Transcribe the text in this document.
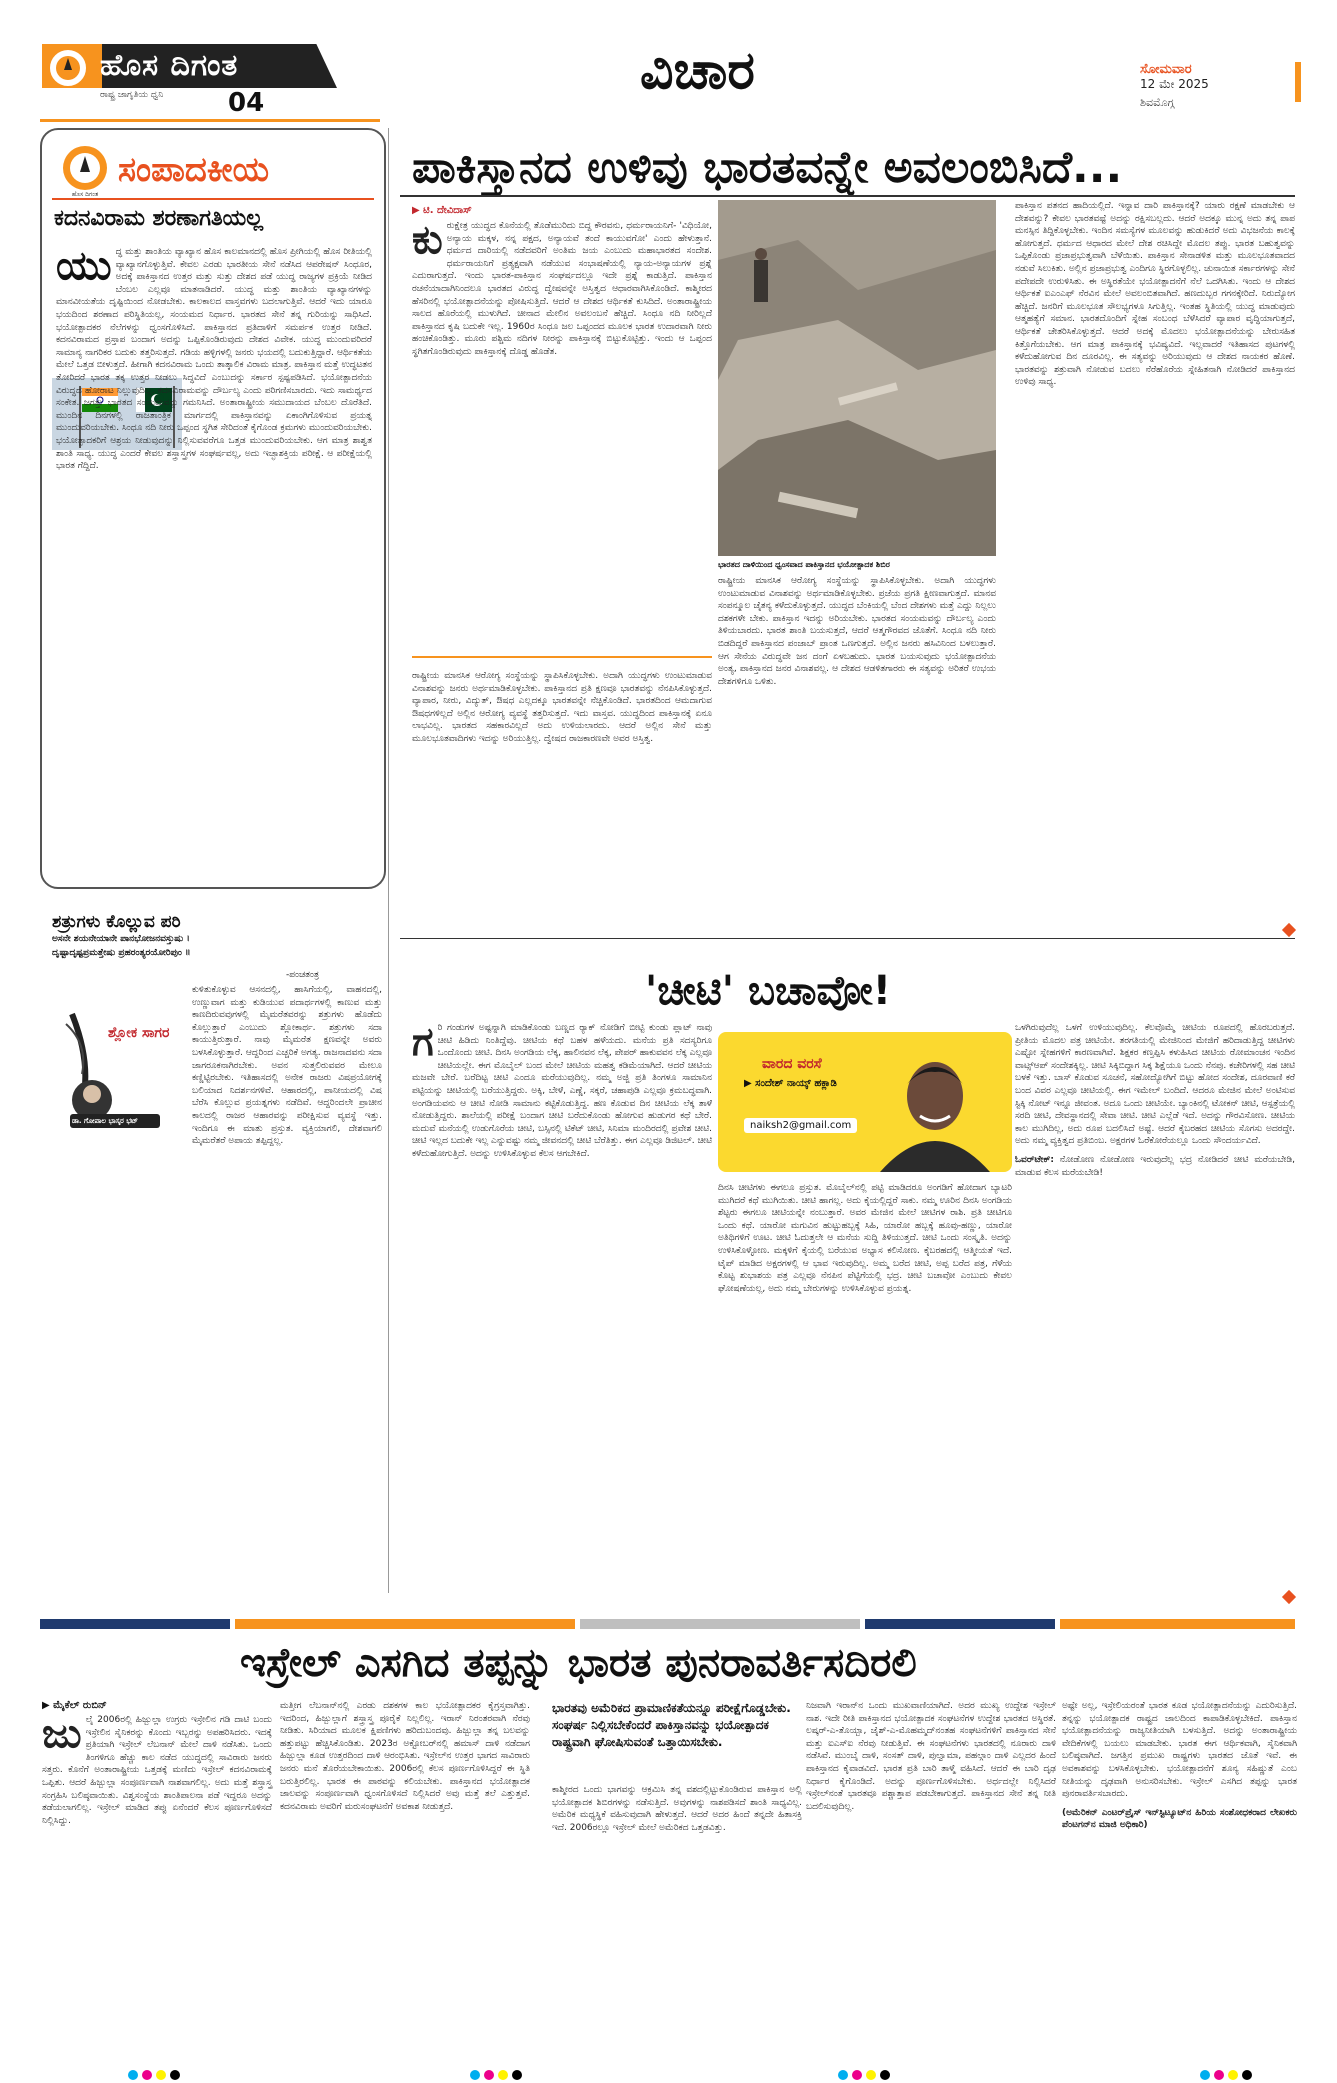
ಹೊಸ ದಿಗಂತ
ರಾಷ್ಟ್ರ ಜಾಗೃತಿಯ ಧ್ವನಿ 04
ವಿಚಾರ	ಸೋಮವಾರ
12 ಮೇ 2025
ಶಿವಮೊಗ್ಗ
ಹೊಸ ದಿಗಂತ
ಸಂಪಾದಕೀಯ
ಕದನವಿರಾಮ ಶರಣಾಗತಿಯಲ್ಲ
ಯು ದ್ಧ ಮತ್ತು ಶಾಂತಿಯ ವ್ಯಾಖ್ಯಾನ ಹೊಸ ಕಾಲಮಾನದಲ್ಲಿ ಹೊಸ ಪ್ರೀಗಿಯಲ್ಲಿ ಹೊಸ ರೀತಿಯಲ್ಲಿ ವ್ಯಾಖ್ಯಾನಗೊಳ್ಳುತ್ತಿವೆ. ಕೇವಲ ಎರಡು ಭಾರತೀಯ ಸೇನೆ ನಡೆಸಿದ ಆಪರೇಷನ್ ಸಿಂಧೂರ, ಅದಕ್ಕೆ ಪಾಕಿಸ್ತಾನದ ಉತ್ತರ ಮತ್ತು ಸುತ್ತು ದೇಶದ ಪಡೆ ಯುದ್ಧ ರಾಜ್ಯಗಳ ಪ್ರಕ್ರಿಯೆ ನೀಡಿದ ಬೆಂಬಲ ಎಲ್ಲವೂ ಮಾತನಾಡಿದರೆ. ಯುದ್ಧ ಮತ್ತು ಶಾಂತಿಯ ವ್ಯಾಖ್ಯಾನಗಳನ್ನು ಮಾನವೀಯತೆಯ ದೃಷ್ಟಿಯಿಂದ ನೋಡಬೇಕು. ಕಾಲಕಾಲದ ವಾಸ್ತವಗಳು ಬದಲಾಗುತ್ತಿವೆ. ಆದರೆ ಇದು ಯಾರೂ ಭಯದಿಂದ ಶರಣಾದ ಪರಿಸ್ಥಿತಿಯಲ್ಲ, ಸಂಯಮದ ನಿರ್ಧಾರ. ಭಾರತದ ಸೇನೆ ತನ್ನ ಗುರಿಯನ್ನು ಸಾಧಿಸಿದೆ. ಭಯೋತ್ಪಾದಕರ ನೆಲೆಗಳನ್ನು ಧ್ವಂಸಗೊಳಿಸಿದೆ. ಪಾಕಿಸ್ತಾನದ ಪ್ರತಿದಾಳಿಗೆ ಸಮರ್ಪಕ ಉತ್ತರ ನೀಡಿದೆ. ಕದನವಿರಾಮದ ಪ್ರಸ್ತಾಪ ಬಂದಾಗ ಅದನ್ನು ಒಪ್ಪಿಕೊಂಡಿರುವುದು ದೇಶದ ವಿವೇಕ. ಯುದ್ಧ ಮುಂದುವರಿದರೆ ಸಾಮಾನ್ಯ ನಾಗರಿಕರ ಬದುಕು ತತ್ತರಿಸುತ್ತದೆ. ಗಡಿಯ ಹಳ್ಳಿಗಳಲ್ಲಿ ಜನರು ಭಯದಲ್ಲಿ ಬದುಕುತ್ತಿದ್ದಾರೆ. ಆರ್ಥಿಕತೆಯ ಮೇಲೆ ಒತ್ತಡ ಬೀಳುತ್ತದೆ. ಹೀಗಾಗಿ ಕದನವಿರಾಮ ಒಂದು ತಾತ್ಕಾಲಿಕ ವಿರಾಮ ಮಾತ್ರ. ಪಾಕಿಸ್ತಾನ ಮತ್ತೆ ಉದ್ಧಟತನ ತೋರಿದರೆ ಭಾರತ ತಕ್ಕ ಉತ್ತರ ನೀಡಲು ಸಿದ್ಧವಿದೆ ಎಂಬುದನ್ನು ಸರ್ಕಾರ ಸ್ಪಷ್ಟಪಡಿಸಿದೆ. ಭಯೋತ್ಪಾದನೆಯ ವಿರುದ್ಧದ ಹೋರಾಟ ನಿಲ್ಲುವುದಿಲ್ಲ. ಕದನವಿರಾಮವನ್ನು ದೌರ್ಬಲ್ಯ ಎಂದು ಪರಿಗಣಿಸಬಾರದು. ಇದು ಸಾಮರ್ಥ್ಯದ ಸಂಕೇತ. ಜಗತ್ತು ಭಾರತದ ಸಂಯಮವನ್ನು ಗಮನಿಸಿದೆ. ಅಂತಾರಾಷ್ಟ್ರೀಯ ಸಮುದಾಯದ ಬೆಂಬಲ ದೊರೆತಿದೆ. ಮುಂದಿನ ದಿನಗಳಲ್ಲಿ ರಾಜತಾಂತ್ರಿಕ ಮಾರ್ಗದಲ್ಲಿ ಪಾಕಿಸ್ತಾನವನ್ನು ಏಕಾಂಗಿಗೊಳಿಸುವ ಪ್ರಯತ್ನ ಮುಂದುವರಿಯಬೇಕು. ಸಿಂಧೂ ನದಿ ನೀರು ಒಪ್ಪಂದ ಸ್ಥಗಿತ ಸೇರಿದಂತೆ ಕೈಗೊಂಡ ಕ್ರಮಗಳು ಮುಂದುವರಿಯಬೇಕು. ಭಯೋತ್ಪಾದಕರಿಗೆ ಆಶ್ರಯ ನೀಡುವುದನ್ನು ನಿಲ್ಲಿಸುವವರೆಗೂ ಒತ್ತಡ ಮುಂದುವರಿಯಬೇಕು. ಆಗ ಮಾತ್ರ ಶಾಶ್ವತ ಶಾಂತಿ ಸಾಧ್ಯ. ಯುದ್ಧ ಎಂದರೆ ಕೇವಲ ಶಸ್ತ್ರಾಸ್ತ್ರಗಳ ಸಂಘರ್ಷವಲ್ಲ, ಅದು ಇಚ್ಛಾಶಕ್ತಿಯ ಪರೀಕ್ಷೆ. ಆ ಪರೀಕ್ಷೆಯಲ್ಲಿ ಭಾರತ ಗೆದ್ದಿದೆ.
ಶತ್ರುಗಳು ಕೊಲ್ಲುವ ಪರಿ
ಅಸನೇ ಶಯನೇಯಾನೇ ಪಾನಭೋಜನವಸ್ತುಷು ।
ದೃಷ್ಟಾದೃಷ್ಟಪ್ರಮತ್ತೇಷು ಪ್ರಹರಂತ್ಯರಯೋರಿಪುಂ ॥
-ಪಂಚತಂತ್ರ
ಶ್ಲೋಕ ಸಾಗರ
ಡಾ. ಗೋಪಾಲ ಭಾಸ್ಕರ ಭಟ್
ಕುಳಿತುಕೊಳ್ಳುವ ಆಸನದಲ್ಲಿ, ಹಾಸಿಗೆಯಲ್ಲಿ, ವಾಹನದಲ್ಲಿ, ಉಣ್ಣುವಾಗ ಮತ್ತು ಕುಡಿಯುವ ಪದಾರ್ಥಗಳಲ್ಲಿ ಕಾಣುವ ಮತ್ತು ಕಾಣದಿರುವವುಗಳಲ್ಲಿ ಮೈಮರೆತವರನ್ನು ಶತ್ರುಗಳು ಹೊಡೆದು ಕೊಲ್ಲುತ್ತಾರೆ ಎಂಬುದು ಶ್ಲೋಕಾರ್ಥ. ಶತ್ರುಗಳು ಸದಾ ಕಾಯುತ್ತಿರುತ್ತಾರೆ. ನಾವು ಮೈಮರೆತ ಕ್ಷಣವನ್ನೇ ಅವರು ಬಳಸಿಕೊಳ್ಳುತ್ತಾರೆ. ಆದ್ದರಿಂದ ಎಚ್ಚರಿಕೆ ಅಗತ್ಯ. ರಾಜನಾದವನು ಸದಾ ಜಾಗರೂಕನಾಗಿರಬೇಕು. ಅವನ ಸುತ್ತಲಿರುವವರ ಮೇಲೂ ಕಣ್ಣಿಟ್ಟಿರಬೇಕು. ಇತಿಹಾಸದಲ್ಲಿ ಅನೇಕ ರಾಜರು ವಿಷಪ್ರಯೋಗಕ್ಕೆ ಬಲಿಯಾದ ನಿದರ್ಶನಗಳಿವೆ. ಆಹಾರದಲ್ಲಿ, ಪಾನೀಯದಲ್ಲಿ ವಿಷ ಬೆರೆಸಿ ಕೊಲ್ಲುವ ಪ್ರಯತ್ನಗಳು ನಡೆದಿವೆ. ಆದ್ದರಿಂದಲೇ ಪ್ರಾಚೀನ ಕಾಲದಲ್ಲಿ ರಾಜರ ಆಹಾರವನ್ನು ಪರೀಕ್ಷಿಸುವ ವ್ಯವಸ್ಥೆ ಇತ್ತು. ಇಂದಿಗೂ ಈ ಮಾತು ಪ್ರಸ್ತುತ. ವ್ಯಕ್ತಿಯಾಗಲಿ, ದೇಶವಾಗಲಿ ಮೈಮರೆತರೆ ಅಪಾಯ ತಪ್ಪಿದ್ದಲ್ಲ.
ಪಾಕಿಸ್ತಾನದ ಉಳಿವು ಭಾರತವನ್ನೇ ಅವಲಂಬಿಸಿದೆ...
▶ ಟಿ. ದೇವಿದಾಸ್
ಕು ರುಕ್ಷೇತ್ರ ಯುದ್ಧದ ಕೊನೆಯಲ್ಲಿ ತೊಡೆಮುರಿದು ಬಿದ್ದ ಕೌರವನು, ಧರ್ಮರಾಯನಿಗೆ- 'ವಿಧಿಯೋ, ಅನ್ಯಾಯ ಮಕ್ಕಳ, ನನ್ನ ಪಕ್ಷದ, ಅನ್ಯಾಯವೆ ತಂದೆ ಕಾಯುವಗೋ' ಎಂದು ಹೇಳುತ್ತಾನೆ. ಧರ್ಮದ ದಾರಿಯಲ್ಲಿ ನಡೆದವರಿಗೆ ಅಂತಿಮ ಜಯ ಎಂಬುದು ಮಹಾಭಾರತದ ಸಂದೇಶ. ಧರ್ಮರಾಯನಿಗೆ ಪ್ರತ್ಯಕ್ಷವಾಗಿ ನಡೆಯುವ ಸಂಭಾಷಣೆಯಲ್ಲಿ ನ್ಯಾಯ-ಅನ್ಯಾಯಗಳ ಪ್ರಶ್ನೆ ಎದುರಾಗುತ್ತದೆ. ಇಂದು ಭಾರತ-ಪಾಕಿಸ್ತಾನ ಸಂಘರ್ಷದಲ್ಲೂ ಇದೇ ಪ್ರಶ್ನೆ ಕಾಡುತ್ತಿದೆ. ಪಾಕಿಸ್ತಾನ ರಚನೆಯಾದಾಗಿನಿಂದಲೂ ಭಾರತದ ವಿರುದ್ಧ ದ್ವೇಷವನ್ನೇ ಅಸ್ತಿತ್ವದ ಆಧಾರವಾಗಿಸಿಕೊಂಡಿದೆ. ಕಾಶ್ಮೀರದ ಹೆಸರಿನಲ್ಲಿ ಭಯೋತ್ಪಾದನೆಯನ್ನು ಪೋಷಿಸುತ್ತಿದೆ. ಆದರೆ ಆ ದೇಶದ ಆರ್ಥಿಕತೆ ಕುಸಿದಿದೆ. ಅಂತಾರಾಷ್ಟ್ರೀಯ ಸಾಲದ ಹೊರೆಯಲ್ಲಿ ಮುಳುಗಿದೆ. ಚೀನಾದ ಮೇಲಿನ ಅವಲಂಬನೆ ಹೆಚ್ಚಿದೆ. ಸಿಂಧೂ ನದಿ ನೀರಿಲ್ಲದೆ ಪಾಕಿಸ್ತಾನದ ಕೃಷಿ ಬದುಕೇ ಇಲ್ಲ. 1960ರ ಸಿಂಧೂ ಜಲ ಒಪ್ಪಂದದ ಮೂಲಕ ಭಾರತ ಉದಾರವಾಗಿ ನೀರು ಹಂಚಿಕೊಂಡಿತ್ತು. ಮೂರು ಪಶ್ಚಿಮ ನದಿಗಳ ನೀರನ್ನು ಪಾಕಿಸ್ತಾನಕ್ಕೆ ಬಿಟ್ಟುಕೊಟ್ಟಿತ್ತು. ಇಂದು ಆ ಒಪ್ಪಂದ ಸ್ಥಗಿತಗೊಂಡಿರುವುದು ಪಾಕಿಸ್ತಾನಕ್ಕೆ ದೊಡ್ಡ ಹೊಡೆತ.
ರಾಷ್ಟ್ರೀಯ ಮಾನಸಿಕ ಆರೋಗ್ಯ ಸಂಸ್ಥೆಯನ್ನು ಸ್ಥಾಪಿಸಿಕೊಳ್ಳಬೇಕು. ಅದಾಗಿ ಯುದ್ಧಗಳು ಉಂಟುಮಾಡುವ ವಿನಾಶವನ್ನು ಜನರು ಅರ್ಥಮಾಡಿಕೊಳ್ಳಬೇಕು. ಪಾಕಿಸ್ತಾನದ ಪ್ರತಿ ಕ್ಷಣವೂ ಭಾರತವನ್ನು ನೆನಪಿಸಿಕೊಳ್ಳುತ್ತದೆ. ವ್ಯಾಪಾರ, ನೀರು, ವಿದ್ಯುತ್, ಔಷಧ ಎಲ್ಲದಕ್ಕೂ ಭಾರತವನ್ನೇ ನೆಚ್ಚಿಕೊಂಡಿದೆ. ಭಾರತದಿಂದ ಆಮದಾಗುವ ಔಷಧಗಳಿಲ್ಲದೆ ಅಲ್ಲಿನ ಆರೋಗ್ಯ ವ್ಯವಸ್ಥೆ ತತ್ತರಿಸುತ್ತದೆ. ಇದು ವಾಸ್ತವ. ಯುದ್ಧದಿಂದ ಪಾಕಿಸ್ತಾನಕ್ಕೆ ಏನೂ ಲಾಭವಿಲ್ಲ. ಭಾರತದ ಸಹಕಾರವಿಲ್ಲದೆ ಅದು ಉಳಿಯಲಾರದು. ಆದರೆ ಅಲ್ಲಿನ ಸೇನೆ ಮತ್ತು ಮೂಲಭೂತವಾದಿಗಳು ಇದನ್ನು ಅರಿಯುತ್ತಿಲ್ಲ. ದ್ವೇಷದ ರಾಜಕಾರಣವೇ ಅವರ ಅಸ್ತಿತ್ವ.
ಭಾರತದ ದಾಳಿಯಿಂದ ಧ್ವಂಸವಾದ ಪಾಕಿಸ್ತಾನದ ಭಯೋತ್ಪಾದಕ ಶಿಬಿರ
ರಾಷ್ಟ್ರೀಯ ಮಾನಸಿಕ ಆರೋಗ್ಯ ಸಂಸ್ಥೆಯನ್ನು ಸ್ಥಾಪಿಸಿಕೊಳ್ಳಬೇಕು. ಅದಾಗಿ ಯುದ್ಧಗಳು ಉಂಟುಮಾಡುವ ವಿನಾಶವನ್ನು ಅರ್ಥಮಾಡಿಕೊಳ್ಳಬೇಕು. ಪ್ರಜೆಯ ಪ್ರಗತಿ ಕ್ಷೀಣವಾಗುತ್ತದೆ. ಮಾನವ ಸಂಪನ್ಮೂಲ ಚೈತನ್ಯ ಕಳೆದುಕೊಳ್ಳುತ್ತದೆ. ಯುದ್ಧದ ಬೆಂಕಿಯಲ್ಲಿ ಬೆಂದ ದೇಶಗಳು ಮತ್ತೆ ಎದ್ದು ನಿಲ್ಲಲು ದಶಕಗಳೇ ಬೇಕು. ಪಾಕಿಸ್ತಾನ ಇದನ್ನು ಅರಿಯಬೇಕು. ಭಾರತದ ಸಂಯಮವನ್ನು ದೌರ್ಬಲ್ಯ ಎಂದು ತಿಳಿಯಬಾರದು. ಭಾರತ ಶಾಂತಿ ಬಯಸುತ್ತದೆ, ಆದರೆ ಆತ್ಮಗೌರವದ ಜೊತೆಗೆ. ಸಿಂಧೂ ನದಿ ನೀರು ಬಿಡದಿದ್ದರೆ ಪಾಕಿಸ್ತಾನದ ಪಂಜಾಬ್ ಪ್ರಾಂತ ಒಣಗುತ್ತದೆ. ಅಲ್ಲಿನ ಜನರು ಹಸಿವಿನಿಂದ ಬಳಲುತ್ತಾರೆ. ಆಗ ಸೇನೆಯ ವಿರುದ್ಧವೇ ಜನ ದಂಗೆ ಏಳಬಹುದು. ಭಾರತ ಬಯಸುವುದು ಭಯೋತ್ಪಾದನೆಯ ಅಂತ್ಯ, ಪಾಕಿಸ್ತಾನದ ಜನರ ವಿನಾಶವಲ್ಲ. ಆ ದೇಶದ ಆಡಳಿತಗಾರರು ಈ ಸತ್ಯವನ್ನು ಅರಿತರೆ ಉಭಯ ದೇಶಗಳಿಗೂ ಒಳಿತು.
ಪಾಕಿಸ್ತಾನ ಪತನದ ಹಾದಿಯಲ್ಲಿದೆ. ಇನ್ನಾವ ದಾರಿ ಪಾಕಿಸ್ತಾನಕ್ಕೆ? ಯಾರು ರಕ್ಷಣೆ ಮಾಡಬೇಕು ಆ ದೇಶವನ್ನು? ಕೇವಲ ಭಾರತವಷ್ಟೆ ಅದನ್ನು ರಕ್ಷಿಸಬಲ್ಲದು. ಆದರೆ ಅದಕ್ಕೂ ಮುನ್ನ ಅದು ತನ್ನ ಪಾಪ ಮನಸ್ಸಿನ ತಿದ್ದಿಕೊಳ್ಳಬೇಕು. ಇಂದಿನ ಸಮಸ್ಯೆಗಳ ಮೂಲವನ್ನು ಹುಡುಕಿದರೆ ಅದು ವಿಭಜನೆಯ ಕಾಲಕ್ಕೆ ಹೋಗುತ್ತದೆ. ಧರ್ಮದ ಆಧಾರದ ಮೇಲೆ ದೇಶ ರಚಿಸಿದ್ದೇ ಮೊದಲ ತಪ್ಪು. ಭಾರತ ಬಹುತ್ವವನ್ನು ಒಪ್ಪಿಕೊಂಡು ಪ್ರಜಾಪ್ರಭುತ್ವವಾಗಿ ಬೆಳೆಯಿತು. ಪಾಕಿಸ್ತಾನ ಸೇನಾಡಳಿತ ಮತ್ತು ಮೂಲಭೂತವಾದದ ನಡುವೆ ಸಿಲುಕಿತು. ಅಲ್ಲಿನ ಪ್ರಜಾಪ್ರಭುತ್ವ ಎಂದಿಗೂ ಸ್ಥಿರಗೊಳ್ಳಲಿಲ್ಲ. ಚುನಾಯಿತ ಸರ್ಕಾರಗಳನ್ನು ಸೇನೆ ಪದೇಪದೇ ಉರುಳಿಸಿತು. ಈ ಅಸ್ಥಿರತೆಯೇ ಭಯೋತ್ಪಾದನೆಗೆ ನೆಲೆ ಒದಗಿಸಿತು. ಇಂದು ಆ ದೇಶದ ಆರ್ಥಿಕತೆ ಐಎಂಎಫ್ ನೆರವಿನ ಮೇಲೆ ಅವಲಂಬಿತವಾಗಿದೆ. ಹಣದುಬ್ಬರ ಗಗನಕ್ಕೇರಿದೆ. ನಿರುದ್ಯೋಗ ಹೆಚ್ಚಿದೆ. ಜನರಿಗೆ ಮೂಲಭೂತ ಸೌಲಭ್ಯಗಳೂ ಸಿಗುತ್ತಿಲ್ಲ. ಇಂತಹ ಸ್ಥಿತಿಯಲ್ಲಿ ಯುದ್ಧ ಮಾಡುವುದು ಆತ್ಮಹತ್ಯೆಗೆ ಸಮಾನ. ಭಾರತದೊಂದಿಗೆ ಸ್ನೇಹ ಸಂಬಂಧ ಬೆಳೆಸಿದರೆ ವ್ಯಾಪಾರ ವೃದ್ಧಿಯಾಗುತ್ತದೆ, ಆರ್ಥಿಕತೆ ಚೇತರಿಸಿಕೊಳ್ಳುತ್ತದೆ. ಆದರೆ ಅದಕ್ಕೆ ಮೊದಲು ಭಯೋತ್ಪಾದನೆಯನ್ನು ಬೇರುಸಹಿತ ಕಿತ್ತೊಗೆಯಬೇಕು. ಆಗ ಮಾತ್ರ ಪಾಕಿಸ್ತಾನಕ್ಕೆ ಭವಿಷ್ಯವಿದೆ. ಇಲ್ಲವಾದರೆ ಇತಿಹಾಸದ ಪುಟಗಳಲ್ಲಿ ಕಳೆದುಹೋಗುವ ದಿನ ದೂರವಿಲ್ಲ. ಈ ಸತ್ಯವನ್ನು ಅರಿಯುವುದು ಆ ದೇಶದ ನಾಯಕರ ಹೊಣೆ. ಭಾರತವನ್ನು ಶತ್ರುವಾಗಿ ನೋಡುವ ಬದಲು ನೆರೆಹೊರೆಯ ಸ್ನೇಹಿತನಾಗಿ ನೋಡಿದರೆ ಪಾಕಿಸ್ತಾನದ ಉಳಿವು ಸಾಧ್ಯ.
'ಚೀಟಿ' ಬಚಾವೋ!
ಗ ರಿ ಗಂಡುಗಳ ಅಷ್ಟನ್ನಾಗಿ ಮಾಡಿಕೊಂಡು ಬಣ್ಣದ ರ‍್ಯಾಕ್ ನೋಡಿಗೆ ಬೀಟ್ಟಿ ಕುಂಡು ಪ್ಲಾಟ್ ನಾವು ಚೀಟಿ ಹಿಡಿದು ನಿಂತಿದ್ದೆವು. ಚೀಟಿಯ ಕಥೆ ಬಹಳ ಹಳೆಯದು. ಮನೆಯ ಪ್ರತಿ ಸದಸ್ಯರಿಗೂ ಒಂದೊಂದು ಚೀಟಿ. ದಿನಸಿ ಅಂಗಡಿಯ ಲೆಕ್ಕ, ಹಾಲಿನವನ ಲೆಕ್ಕ, ಪೇಪರ್ ಹಾಕುವವನ ಲೆಕ್ಕ ಎಲ್ಲವೂ ಚೀಟಿಯಲ್ಲೇ. ಈಗ ಮೊಬೈಲ್ ಬಂದ ಮೇಲೆ ಚೀಟಿಯ ಮಹತ್ವ ಕಡಿಮೆಯಾಗಿದೆ. ಆದರೆ ಚೀಟಿಯ ಮಜವೇ ಬೇರೆ. ಬರೆದಿಟ್ಟ ಚೀಟಿ ಎಂದೂ ಮರೆಯುವುದಿಲ್ಲ. ನಮ್ಮ ಅಜ್ಜಿ ಪ್ರತಿ ತಿಂಗಳೂ ಸಾಮಾನಿನ ಪಟ್ಟಿಯನ್ನು ಚೀಟಿಯಲ್ಲಿ ಬರೆಯುತ್ತಿದ್ದರು. ಅಕ್ಕಿ, ಬೇಳೆ, ಎಣ್ಣೆ, ಸಕ್ಕರೆ, ಚಹಾಪುಡಿ ಎಲ್ಲವೂ ಕ್ರಮಬದ್ಧವಾಗಿ. ಅಂಗಡಿಯವನು ಆ ಚೀಟಿ ನೋಡಿ ಸಾಮಾನು ಕಟ್ಟಿಕೊಡುತ್ತಿದ್ದ. ಹಣ ಕೊಡುವ ದಿನ ಚೀಟಿಯ ಲೆಕ್ಕ ತಾಳೆ ನೋಡುತ್ತಿದ್ದರು. ಶಾಲೆಯಲ್ಲಿ ಪರೀಕ್ಷೆ ಬಂದಾಗ ಚೀಟಿ ಬರೆದುಕೊಂಡು ಹೋಗುವ ಹುಡುಗರ ಕಥೆ ಬೇರೆ. ಮದುವೆ ಮನೆಯಲ್ಲಿ ಉಡುಗೊರೆಯ ಚೀಟಿ, ಬಸ್ಸಿನಲ್ಲಿ ಟಿಕೆಟ್ ಚೀಟಿ, ಸಿನಿಮಾ ಮಂದಿರದಲ್ಲಿ ಪ್ರವೇಶ ಚೀಟಿ. ಚೀಟಿ ಇಲ್ಲದ ಬದುಕೇ ಇಲ್ಲ ಎನ್ನುವಷ್ಟು ನಮ್ಮ ಜೀವನದಲ್ಲಿ ಚೀಟಿ ಬೆರೆತಿತ್ತು. ಈಗ ಎಲ್ಲವೂ ಡಿಜಿಟಲ್. ಚೀಟಿ ಕಳೆದುಹೋಗುತ್ತಿದೆ. ಅದನ್ನು ಉಳಿಸಿಕೊಳ್ಳುವ ಕೆಲಸ ಆಗಬೇಕಿದೆ.
ವಾರದ ವರಸೆ
▶ ಸಂದೇಶ್ ನಾಯ್ಕ್ ಹಕ್ಲಾಡಿ
naiksh2@gmail.com
ದಿನಸಿ ಚೀಟಿಗಳು ಈಗಲೂ ಪ್ರಸ್ತುತ. ಮೊಬೈಲ್‌ನಲ್ಲಿ ಪಟ್ಟಿ ಮಾಡಿದರೂ ಅಂಗಡಿಗೆ ಹೋದಾಗ ಬ್ಯಾಟರಿ ಮುಗಿದರೆ ಕಥೆ ಮುಗಿಯಿತು. ಚೀಟಿ ಹಾಗಲ್ಲ. ಅದು ಕೈಯಲ್ಲಿದ್ದರೆ ಸಾಕು. ನಮ್ಮ ಊರಿನ ದಿನಸಿ ಅಂಗಡಿಯ ಶೆಟ್ಟರು ಈಗಲೂ ಚೀಟಿಯನ್ನೇ ನಂಬುತ್ತಾರೆ. ಅವರ ಮೇಜಿನ ಮೇಲೆ ಚೀಟಿಗಳ ರಾಶಿ. ಪ್ರತಿ ಚೀಟಿಗೂ ಒಂದು ಕಥೆ. ಯಾರೋ ಮಗುವಿನ ಹುಟ್ಟುಹಬ್ಬಕ್ಕೆ ಸಿಹಿ, ಯಾರೋ ಹಬ್ಬಕ್ಕೆ ಹೂವು-ಹಣ್ಣು, ಯಾರೋ ಅತಿಥಿಗಳಿಗೆ ಊಟ. ಚೀಟಿ ಓದುತ್ತಲೇ ಆ ಮನೆಯ ಸುದ್ದಿ ತಿಳಿಯುತ್ತದೆ. ಚೀಟಿ ಒಂದು ಸಂಸ್ಕೃತಿ. ಅದನ್ನು ಉಳಿಸಿಕೊಳ್ಳೋಣ. ಮಕ್ಕಳಿಗೆ ಕೈಯಲ್ಲಿ ಬರೆಯುವ ಅಭ್ಯಾಸ ಕಲಿಸೋಣ. ಕೈಬರಹದಲ್ಲಿ ಆತ್ಮೀಯತೆ ಇದೆ. ಟೈಪ್ ಮಾಡಿದ ಅಕ್ಷರಗಳಲ್ಲಿ ಆ ಭಾವ ಇರುವುದಿಲ್ಲ. ಅಮ್ಮ ಬರೆದ ಚೀಟಿ, ಅಪ್ಪ ಬರೆದ ಪತ್ರ, ಗೆಳೆಯ ಕೊಟ್ಟ ಶುಭಾಶಯ ಪತ್ರ ಎಲ್ಲವೂ ನೆನಪಿನ ಪೆಟ್ಟಿಗೆಯಲ್ಲಿ ಭದ್ರ. ಚೀಟಿ ಬಚಾವೋ ಎಂಬುದು ಕೇವಲ ಘೋಷಣೆಯಲ್ಲ, ಅದು ನಮ್ಮ ಬೇರುಗಳನ್ನು ಉಳಿಸಿಕೊಳ್ಳುವ ಪ್ರಯತ್ನ.
ಒಳಗಿರುವುದೆಲ್ಲ ಒಳಗೆ ಉಳಿಯುವುದಿಲ್ಲ. ಕೆಲವೊಮ್ಮೆ ಚೀಟಿಯ ರೂಪದಲ್ಲಿ ಹೊರಬರುತ್ತದೆ. ಪ್ರೀತಿಯ ಮೊದಲ ಪತ್ರ ಚೀಟಿಯೇ. ತರಗತಿಯಲ್ಲಿ ಮೇಜಿನಿಂದ ಮೇಜಿಗೆ ಹರಿದಾಡುತ್ತಿದ್ದ ಚೀಟಿಗಳು ಎಷ್ಟೋ ಸ್ನೇಹಗಳಿಗೆ ಕಾರಣವಾಗಿವೆ. ಶಿಕ್ಷಕರ ಕಣ್ತಪ್ಪಿಸಿ ಕಳುಹಿಸಿದ ಚೀಟಿಯ ರೋಮಾಂಚನ ಇಂದಿನ ವಾಟ್ಸ್ಆಪ್ ಸಂದೇಶಕ್ಕಿಲ್ಲ. ಚೀಟಿ ಸಿಕ್ಕಿಬಿದ್ದಾಗ ಸಿಕ್ಕ ಶಿಕ್ಷೆಯೂ ಒಂದು ನೆನಪು. ಕಚೇರಿಗಳಲ್ಲಿ ಸಹ ಚೀಟಿ ಬಳಕೆ ಇತ್ತು. ಬಾಸ್ ಕೊಡುವ ಸೂಚನೆ, ಸಹೋದ್ಯೋಗಿಗೆ ಬಿಟ್ಟು ಹೋದ ಸಂದೇಶ, ದೂರವಾಣಿ ಕರೆ ಬಂದ ವಿವರ ಎಲ್ಲವೂ ಚೀಟಿಯಲ್ಲಿ. ಈಗ ಇಮೇಲ್ ಬಂದಿದೆ. ಆದರೂ ಮೇಜಿನ ಮೇಲೆ ಅಂಟಿಸುವ ಸ್ಟಿಕ್ಕಿ ನೋಟ್ ಇನ್ನೂ ಜೀವಂತ. ಅದೂ ಒಂದು ಚೀಟಿಯೇ. ಬ್ಯಾಂಕಿನಲ್ಲಿ ಟೋಕನ್ ಚೀಟಿ, ಆಸ್ಪತ್ರೆಯಲ್ಲಿ ಸರದಿ ಚೀಟಿ, ದೇವಸ್ಥಾನದಲ್ಲಿ ಸೇವಾ ಚೀಟಿ. ಚೀಟಿ ಎಲ್ಲೆಡೆ ಇದೆ. ಅದನ್ನು ಗೌರವಿಸೋಣ. ಚೀಟಿಯ ಕಾಲ ಮುಗಿದಿಲ್ಲ, ಅದು ರೂಪ ಬದಲಿಸಿದೆ ಅಷ್ಟೆ. ಆದರೆ ಕೈಬರಹದ ಚೀಟಿಯ ಸೊಗಸು ಅದರದ್ದೇ. ಅದು ನಮ್ಮ ವ್ಯಕ್ತಿತ್ವದ ಪ್ರತಿಬಿಂಬ. ಅಕ್ಷರಗಳ ಓರೆಕೋರೆಯಲ್ಲೂ ಒಂದು ಸೌಂದರ್ಯವಿದೆ.

ಓವರ್‌ಟೇಕ್: ನೋಡೋಣ ನೋಡೋಣ ಇರುವುದೆಲ್ಲ ಭದ್ರ ನೋಡಿದರೆ ಚೀಟಿ ಮರೆಯಬೇಡಿ, ಮಾಡುವ ಕೆಲಸ ಮರೆಯಬೇಡಿ!

ಇಸ್ರೇಲ್ ಎಸಗಿದ ತಪ್ಪನ್ನು ಭಾರತ ಪುನರಾವರ್ತಿಸದಿರಲಿ
▶ ಮೈಕೆಲ್ ರುಬಿನ್
ಜು ಲೈ 2006ರಲ್ಲಿ ಹಿಜ್ಬುಲ್ಲಾ ಉಗ್ರರು ಇಸ್ರೇಲಿನ ಗಡಿ ದಾಟಿ ಬಂದು ಇಸ್ರೇಲಿನ ಸೈನಿಕರನ್ನು ಕೊಂದು ಇಬ್ಬರನ್ನು ಅಪಹರಿಸಿದರು. ಇದಕ್ಕೆ ಪ್ರತಿಯಾಗಿ ಇಸ್ರೇಲ್ ಲೆಬನಾನ್ ಮೇಲೆ ದಾಳಿ ನಡೆಸಿತು. ಒಂದು ತಿಂಗಳಿಗೂ ಹೆಚ್ಚು ಕಾಲ ನಡೆದ ಯುದ್ಧದಲ್ಲಿ ಸಾವಿರಾರು ಜನರು ಸತ್ತರು. ಕೊನೆಗೆ ಅಂತಾರಾಷ್ಟ್ರೀಯ ಒತ್ತಡಕ್ಕೆ ಮಣಿದು ಇಸ್ರೇಲ್ ಕದನವಿರಾಮಕ್ಕೆ ಒಪ್ಪಿತು. ಆದರೆ ಹಿಜ್ಬುಲ್ಲಾ ಸಂಪೂರ್ಣವಾಗಿ ನಾಶವಾಗಲಿಲ್ಲ. ಅದು ಮತ್ತೆ ಶಸ್ತ್ರಾಸ್ತ್ರ ಸಂಗ್ರಹಿಸಿ ಬಲಿಷ್ಠವಾಯಿತು. ವಿಶ್ವಸಂಸ್ಥೆಯ ಶಾಂತಿಪಾಲನಾ ಪಡೆ ಇದ್ದರೂ ಅದನ್ನು ತಡೆಯಲಾಗಲಿಲ್ಲ. ಇಸ್ರೇಲ್ ಮಾಡಿದ ತಪ್ಪು ಏನೆಂದರೆ ಕೆಲಸ ಪೂರ್ಣಗೊಳಿಸದೆ ನಿಲ್ಲಿಸಿದ್ದು.
ಮತ್ತೀಗ ಲೆಬನಾನ್‌ನಲ್ಲಿ ಎರಡು ದಶಕಗಳ ಕಾಲ ಭಯೋತ್ಪಾದಕರ ಕೈಗ್ರಸ್ತವಾಗಿತ್ತು. ಇದರಿಂದ, ಹಿಜ್ಬುಲ್ಲಾಗೆ ಶಸ್ತ್ರಾಸ್ತ್ರ ಪೂರೈಕೆ ನಿಲ್ಲಲಿಲ್ಲ. ಇರಾನ್ ನಿರಂತರವಾಗಿ ನೆರವು ನೀಡಿತು. ಸಿರಿಯಾದ ಮೂಲಕ ಕ್ಷಿಪಣಿಗಳು ಹರಿದುಬಂದವು. ಹಿಜ್ಬುಲ್ಲಾ ತನ್ನ ಬಲವನ್ನು ಹತ್ತುಪಟ್ಟು ಹೆಚ್ಚಿಸಿಕೊಂಡಿತು. 2023ರ ಅಕ್ಟೋಬರ್‌ನಲ್ಲಿ ಹಮಾಸ್ ದಾಳಿ ನಡೆದಾಗ ಹಿಜ್ಬುಲ್ಲಾ ಕೂಡ ಉತ್ತರದಿಂದ ದಾಳಿ ಆರಂಭಿಸಿತು. ಇಸ್ರೇಲ್‌ನ ಉತ್ತರ ಭಾಗದ ಸಾವಿರಾರು ಜನರು ಮನೆ ತೊರೆಯಬೇಕಾಯಿತು. 2006ರಲ್ಲಿ ಕೆಲಸ ಪೂರ್ಣಗೊಳಿಸಿದ್ದರೆ ಈ ಸ್ಥಿತಿ ಬರುತ್ತಿರಲಿಲ್ಲ. ಭಾರತ ಈ ಪಾಠವನ್ನು ಕಲಿಯಬೇಕು. ಪಾಕಿಸ್ತಾನದ ಭಯೋತ್ಪಾದಕ ಜಾಲವನ್ನು ಸಂಪೂರ್ಣವಾಗಿ ಧ್ವಂಸಗೊಳಿಸದೆ ನಿಲ್ಲಿಸಿದರೆ ಅವು ಮತ್ತೆ ತಲೆ ಎತ್ತುತ್ತವೆ. ಕದನವಿರಾಮ ಅವರಿಗೆ ಮರುಸಂಘಟನೆಗೆ ಅವಕಾಶ ನೀಡುತ್ತದೆ.
ಭಾರತವು ಅಮೆರಿಕದ ಪ್ರಾಮಾಣಿಕತೆಯನ್ನೂ ಪರೀಕ್ಷೆಗೊಡ್ಡಬೇಕು. ಸಂಘರ್ಷ ನಿಲ್ಲಿಸಬೇಕೆಂದರೆ ಪಾಕಿಸ್ತಾನವನ್ನು ಭಯೋತ್ಪಾದಕ ರಾಷ್ಟ್ರವಾಗಿ ಘೋಷಿಸುವಂತೆ ಒತ್ತಾಯಿಸಬೇಕು.
ಕಾಶ್ಮೀರದ ಒಂದು ಭಾಗವನ್ನು ಆಕ್ರಮಿಸಿ ತನ್ನ ವಶದಲ್ಲಿಟ್ಟುಕೊಂಡಿರುವ ಪಾಕಿಸ್ತಾನ ಅಲ್ಲಿ ಭಯೋತ್ಪಾದಕ ಶಿಬಿರಗಳನ್ನು ನಡೆಸುತ್ತಿದೆ. ಅವುಗಳನ್ನು ನಾಶಪಡಿಸದೆ ಶಾಂತಿ ಸಾಧ್ಯವಿಲ್ಲ. ಅಮೆರಿಕ ಮಧ್ಯಸ್ಥಿಕೆ ವಹಿಸುವುದಾಗಿ ಹೇಳುತ್ತದೆ. ಆದರೆ ಅದರ ಹಿಂದೆ ತನ್ನದೇ ಹಿತಾಸಕ್ತಿ ಇದೆ. 2006ರಲ್ಲೂ ಇಸ್ರೇಲ್ ಮೇಲೆ ಅಮೆರಿಕದ ಒತ್ತಡವಿತ್ತು.
ನಿಜವಾಗಿ ಇರಾನ್‌ನ ಒಂದು ಮುಖವಾಣಿಯಾಗಿದೆ. ಅದರ ಮುಖ್ಯ ಉದ್ದೇಶ ಇಸ್ರೇಲ್ ನಾಶ. ಇದೇ ರೀತಿ ಪಾಕಿಸ್ತಾನದ ಭಯೋತ್ಪಾದಕ ಸಂಘಟನೆಗಳ ಉದ್ದೇಶ ಭಾರತದ ಅಸ್ಥಿರತೆ. ಲಷ್ಕರ್-ಎ-ತೊಯ್ಬಾ, ಜೈಶ್-ಎ-ಮೊಹಮ್ಮದ್‌ನಂತಹ ಸಂಘಟನೆಗಳಿಗೆ ಪಾಕಿಸ್ತಾನದ ಸೇನೆ ಮತ್ತು ಐಎಸ್‌ಐ ನೆರವು ನೀಡುತ್ತಿವೆ. ಈ ಸಂಘಟನೆಗಳು ಭಾರತದಲ್ಲಿ ನೂರಾರು ದಾಳಿ ನಡೆಸಿವೆ. ಮುಂಬೈ ದಾಳಿ, ಸಂಸತ್ ದಾಳಿ, ಪುಲ್ವಾಮಾ, ಪಹಲ್ಗಾಂ ದಾಳಿ ಎಲ್ಲದರ ಹಿಂದೆ ಪಾಕಿಸ್ತಾನದ ಕೈವಾಡವಿದೆ. ಭಾರತ ಪ್ರತಿ ಬಾರಿ ತಾಳ್ಮೆ ವಹಿಸಿದೆ. ಆದರೆ ಈ ಬಾರಿ ದೃಢ ನಿರ್ಧಾರ ಕೈಗೊಂಡಿದೆ. ಅದನ್ನು ಪೂರ್ಣಗೊಳಿಸಬೇಕು. ಅರ್ಧದಲ್ಲೇ ನಿಲ್ಲಿಸಿದರೆ ಇಸ್ರೇಲ್‌ನಂತೆ ಭಾರತವೂ ಪಶ್ಚಾತ್ತಾಪ ಪಡಬೇಕಾಗುತ್ತದೆ. ಪಾಕಿಸ್ತಾನದ ಸೇನೆ ತನ್ನ ನೀತಿ ಬದಲಿಸುವುದಿಲ್ಲ.
ಅಷ್ಟೇ ಅಲ್ಲ, ಇಸ್ರೇಲಿಯರಂತೆ ಭಾರತ ಕೂಡ ಭಯೋತ್ಪಾದನೆಯನ್ನು ಎದುರಿಸುತ್ತಿದೆ. ತನ್ನನ್ನು ಭಯೋತ್ಪಾದಕ ರಾಷ್ಟ್ರದ ಜಾಲದಿಂದ ಕಾಪಾಡಿಕೊಳ್ಳಬೇಕಿದೆ. ಪಾಕಿಸ್ತಾನ ಭಯೋತ್ಪಾದನೆಯನ್ನು ರಾಜ್ಯನೀತಿಯಾಗಿ ಬಳಸುತ್ತಿದೆ. ಅದನ್ನು ಅಂತಾರಾಷ್ಟ್ರೀಯ ವೇದಿಕೆಗಳಲ್ಲಿ ಬಯಲು ಮಾಡಬೇಕು. ಭಾರತ ಈಗ ಆರ್ಥಿಕವಾಗಿ, ಸೈನಿಕವಾಗಿ ಬಲಿಷ್ಠವಾಗಿದೆ. ಜಗತ್ತಿನ ಪ್ರಮುಖ ರಾಷ್ಟ್ರಗಳು ಭಾರತದ ಜೊತೆ ಇವೆ. ಈ ಅವಕಾಶವನ್ನು ಬಳಸಿಕೊಳ್ಳಬೇಕು. ಭಯೋತ್ಪಾದನೆಗೆ ಶೂನ್ಯ ಸಹಿಷ್ಣುತೆ ಎಂಬ ನೀತಿಯನ್ನು ದೃಢವಾಗಿ ಅನುಸರಿಸಬೇಕು. ಇಸ್ರೇಲ್ ಎಸಗಿದ ತಪ್ಪನ್ನು ಭಾರತ ಪುನರಾವರ್ತಿಸಬಾರದು.

(ಅಮೆರಿಕನ್ ಎಂಟರ್‌ಪ್ರೈಸ್ ಇನ್‌ಸ್ಟಿಟ್ಯೂಟ್‌ನ ಹಿರಿಯ ಸಂಶೋಧಕರಾದ ಲೇಖಕರು ಪೆಂಟಗನ್‌ನ ಮಾಜಿ ಅಧಿಕಾರಿ)
